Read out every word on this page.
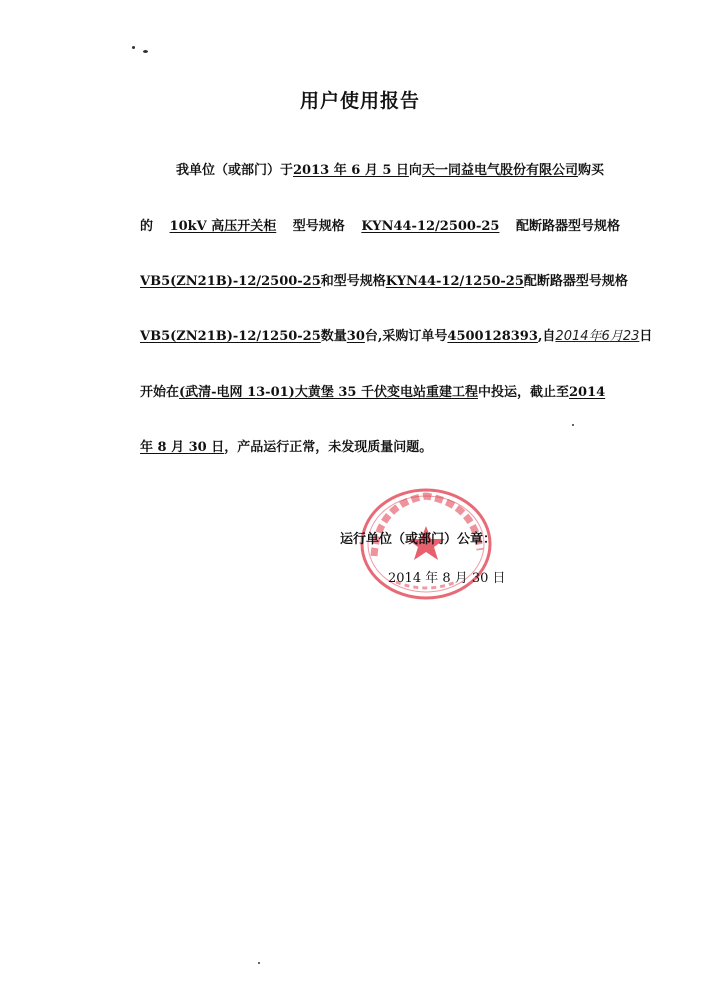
用户使用报告
我单位（或部门）于2013 年 6 月 5 日向天一同益电气股份有限公司购买
的 10kV 高压开关柜 型号规格 KYN44-12/2500-25 配断路器型号规格
VB5(ZN21B)-12/2500-25 和型号规格 KYN44-12/1250-25 配断路器型号规格
VB5(ZN21B)-12/1250-25数量30台,采购订单号4500128393,自2014年6月23日
开始在(武清-电网 13-01)大黄堡 35 千伏变电站重建工程中投运，截止至2014
年 8 月 30 日，产品运行正常，未发现质量问题。
运行单位（或部门）公章：
2014 年 8 月 30 日
